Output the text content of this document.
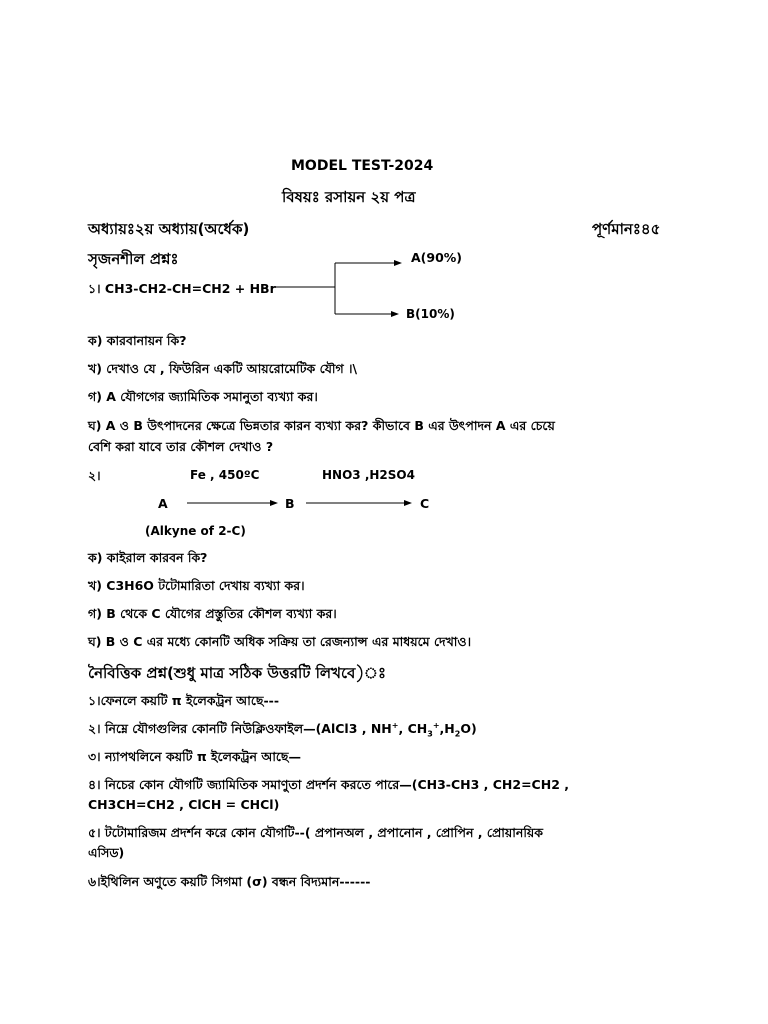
MODEL TEST-2024
বিষয়ঃ রসায়ন ২য় পত্র
অধ্যায়ঃ২য় অধ্যায়(অর্ধেক)	পূর্ণমানঃ৪৫
সৃজনশীল প্রশ্নঃ
১। CH3-CH2-CH=CH2 + HBr
A(90%)
B(10%)
ক) কারবানায়ন কি?
খ) দেখাও যে , ফিউরিন একটি আয়রোমেটিক যৌগ ।\
গ) A যৌগগের জ্যামিতিক সমানুতা ব্যখ্যা কর।
ঘ) A ও B উৎপাদনের ক্ষেত্রে ভিন্নতার কারন ব্যখ্যা কর? কীভাবে B এর উৎপাদন A এর চেয়ে
বেশি করা যাবে তার কৌশল দেখাও ?
২।	Fe , 450ºC	HNO3 ,H2SO4
A	B	C
(Alkyne of 2-C)
ক) কাইরাল কারবন কি?
খ) C3H6O টটোমারিতা দেখায় ব্যখ্যা কর।
গ) B থেকে C যৌগের প্রস্তুতির কৌশল ব্যখ্যা কর।
ঘ) B ও C এর মধ্যে কোনটি অধিক সক্রিয় তা রেজন্যান্স এর মাধয়মে দেখাও।
নৈবিত্তিক প্রশ্ন(শুধু মাত্র সঠিক উত্তরটি লিখবে)ঃ
১।ফেনলে কয়টি π ইলেকট্রন আছে---
২। নিম্নে যৌগগুলির কোনটি নিউক্লিওফাইল—(AlCl3 , NH+, $CH_3^+,H_2O$)
৩। ন্যাপথলিনে কয়টি π ইলেকট্রন আছে—
৪। নিচের কোন যৌগটি জ্যামিতিক সমাণুতা প্রদর্শন করতে পারে—(CH3-CH3 , CH2=CH2 ,
CH3CH=CH2 , ClCH = CHCl)
৫। টটোমারিজম প্রদর্শন করে কোন যৌগটি--( প্রপানঅল , প্রপানোন , প্রোপিন , প্রোয়ানয়িক
এসিড)
৬।ইথিলিন অণুতে কয়টি সিগমা (σ) বন্ধন বিদ্যমান------
